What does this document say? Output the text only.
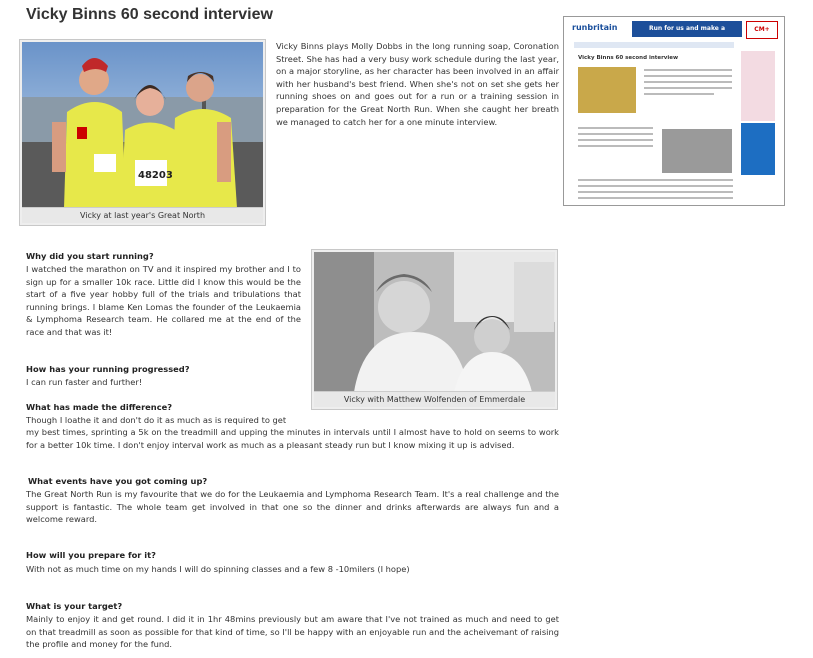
Vicky Binns 60 second interview
48203
Vicky at last year's Great North

Vicky Binns plays Molly Dobbs in the long running soap, Coronation Street. She has had a very busy work schedule during the last year, on a major storyline, as her character has been involved in an affair with her husband's best friend. When she's not on set she gets her running shoes on and goes out for a run or a training session in preparation for the Great North Run. When she caught her breath we managed to catch her for a one minute interview.

runbritain	Run for us and make a	CM+
Vicky Binns 60 second interview
Vicky with Matthew Wolfenden of Emmerdale

Why did you start running?

I watched the marathon on TV and it inspired my brother and I to sign up for a smaller 10k race. Little did I know this would be the start of a five year hobby full of the trials and tribulations that running brings. I blame Ken Lomas the founder of the Leukaemia & Lymphoma Research team. He collared me at the end of the race and that was it!

How has your running progressed?

I can run faster and further!

What has made the difference?

Though I loathe it and don't do it as much as is required to get

my best times, sprinting a 5k on the treadmill and upping the minutes in intervals until I almost have to hold on seems to work for a better 10k time. I don't enjoy interval work as much as a pleasant steady run but I know mixing it up is advised.

What events have you got coming up?

The Great North Run is my favourite that we do for the Leukaemia and Lymphoma Research Team. It's a real challenge and the support is fantastic. The whole team get involved in that one so the dinner and drinks afterwards are always fun and a welcome reward.

How will you prepare for it?

With not as much time on my hands I will do spinning classes and a few 8 -10milers (I hope)

What is your target?

Mainly to enjoy it and get round. I did it in 1hr 48mins previously but am aware that I've not trained as much and need to get on that treadmill as soon as possible for that kind of time, so I'll be happy with an enjoyable run and the acheivemant of raising the profile and money for the fund.
